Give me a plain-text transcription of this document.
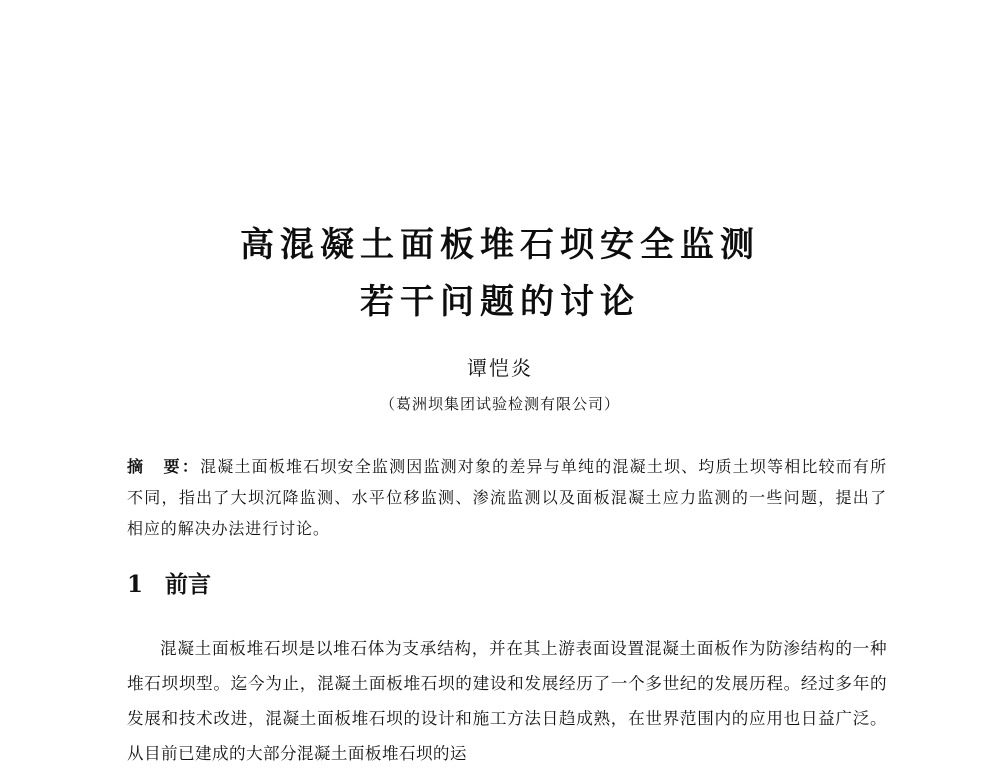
高混凝土面板堆石坝安全监测
若干问题的讨论
谭恺炎
（葛洲坝集团试验检测有限公司）
摘　要：混凝土面板堆石坝安全监测因监测对象的差异与单纯的混凝土坝、均质土坝等相比较而有所不同，指出了大坝沉降监测、水平位移监测、渗流监测以及面板混凝土应力监测的一些问题，提出了相应的解决办法进行讨论。
1 前言
混凝土面板堆石坝是以堆石体为支承结构，并在其上游表面设置混凝土面板作为防渗结构的一种堆石坝坝型。迄今为止，混凝土面板堆石坝的建设和发展经历了一个多世纪的发展历程。经过多年的发展和技术改进，混凝土面板堆石坝的设计和施工方法日趋成熟，在世界范围内的应用也日益广泛。从目前已建成的大部分混凝土面板堆石坝的运
